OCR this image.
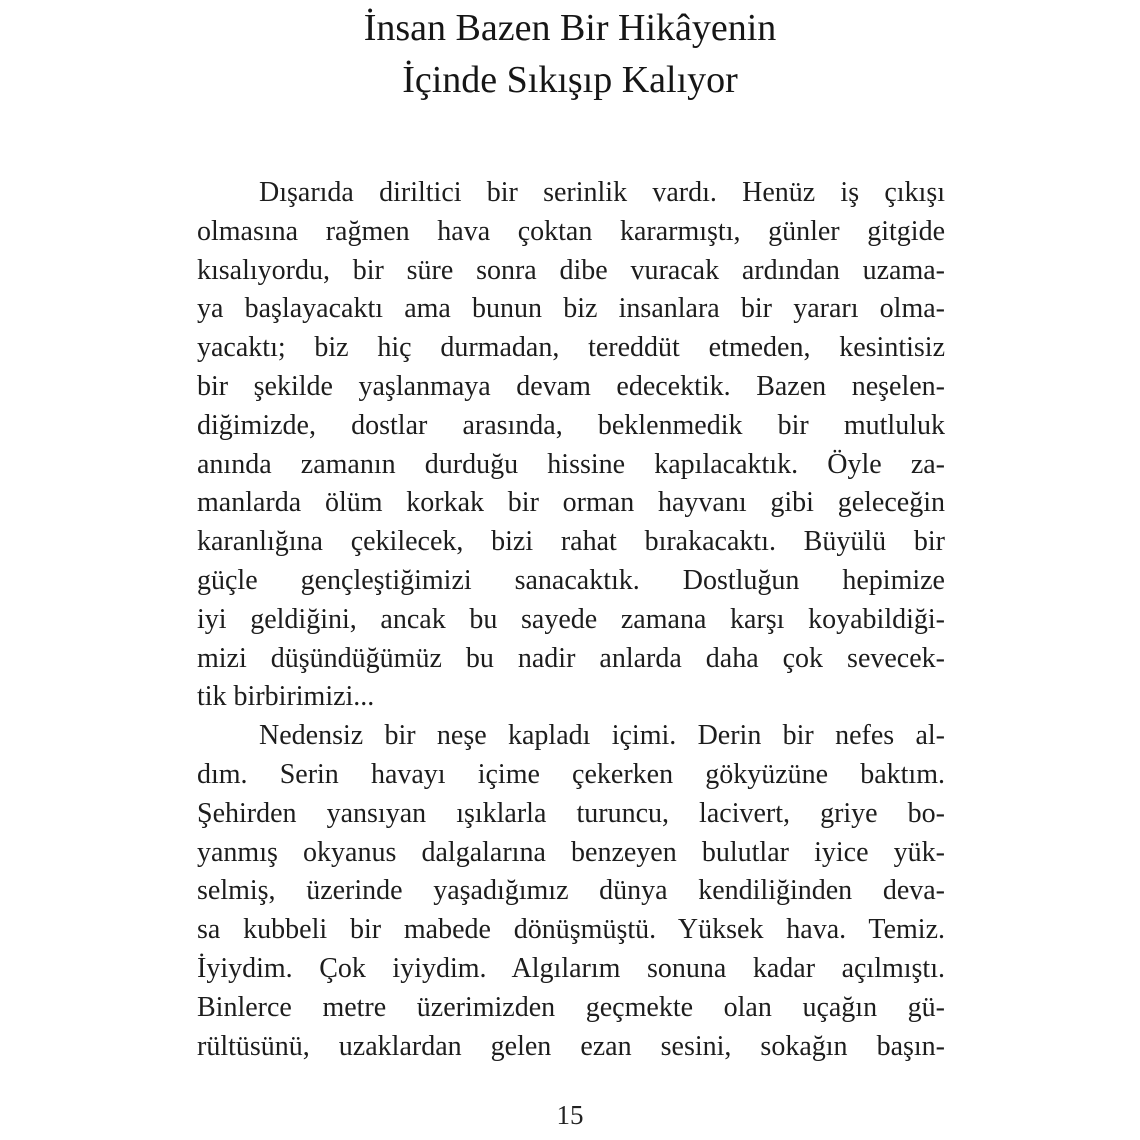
İnsan Bazen Bir Hikâyenin
İçinde Sıkışıp Kalıyor
Dışarıda diriltici bir serinlik vardı. Henüz iş çıkışı
olmasına rağmen hava çoktan kararmıştı, günler gitgide
kısalıyordu, bir süre sonra dibe vuracak ardından uzama-
ya başlayacaktı ama bunun biz insanlara bir yararı olma-
yacaktı; biz hiç durmadan, tereddüt etmeden, kesintisiz
bir şekilde yaşlanmaya devam edecektik. Bazen neşelen-
diğimizde, dostlar arasında, beklenmedik bir mutluluk
anında zamanın durduğu hissine kapılacaktık. Öyle za-
manlarda ölüm korkak bir orman hayvanı gibi geleceğin
karanlığına çekilecek, bizi rahat bırakacaktı. Büyülü bir
güçle gençleştiğimizi sanacaktık. Dostluğun hepimize
iyi geldiğini, ancak bu sayede zamana karşı koyabildiği-
mizi düşündüğümüz bu nadir anlarda daha çok sevecek-
tik birbirimizi...
Nedensiz bir neşe kapladı içimi. Derin bir nefes al-
dım. Serin havayı içime çekerken gökyüzüne baktım.
Şehirden yansıyan ışıklarla turuncu, lacivert, griye bo-
yanmış okyanus dalgalarına benzeyen bulutlar iyice yük-
selmiş, üzerinde yaşadığımız dünya kendiliğinden deva-
sa kubbeli bir mabede dönüşmüştü. Yüksek hava. Temiz.
İyiydim. Çok iyiydim. Algılarım sonuna kadar açılmıştı.
Binlerce metre üzerimizden geçmekte olan uçağın gü-
rültüsünü, uzaklardan gelen ezan sesini, sokağın başın-
15
